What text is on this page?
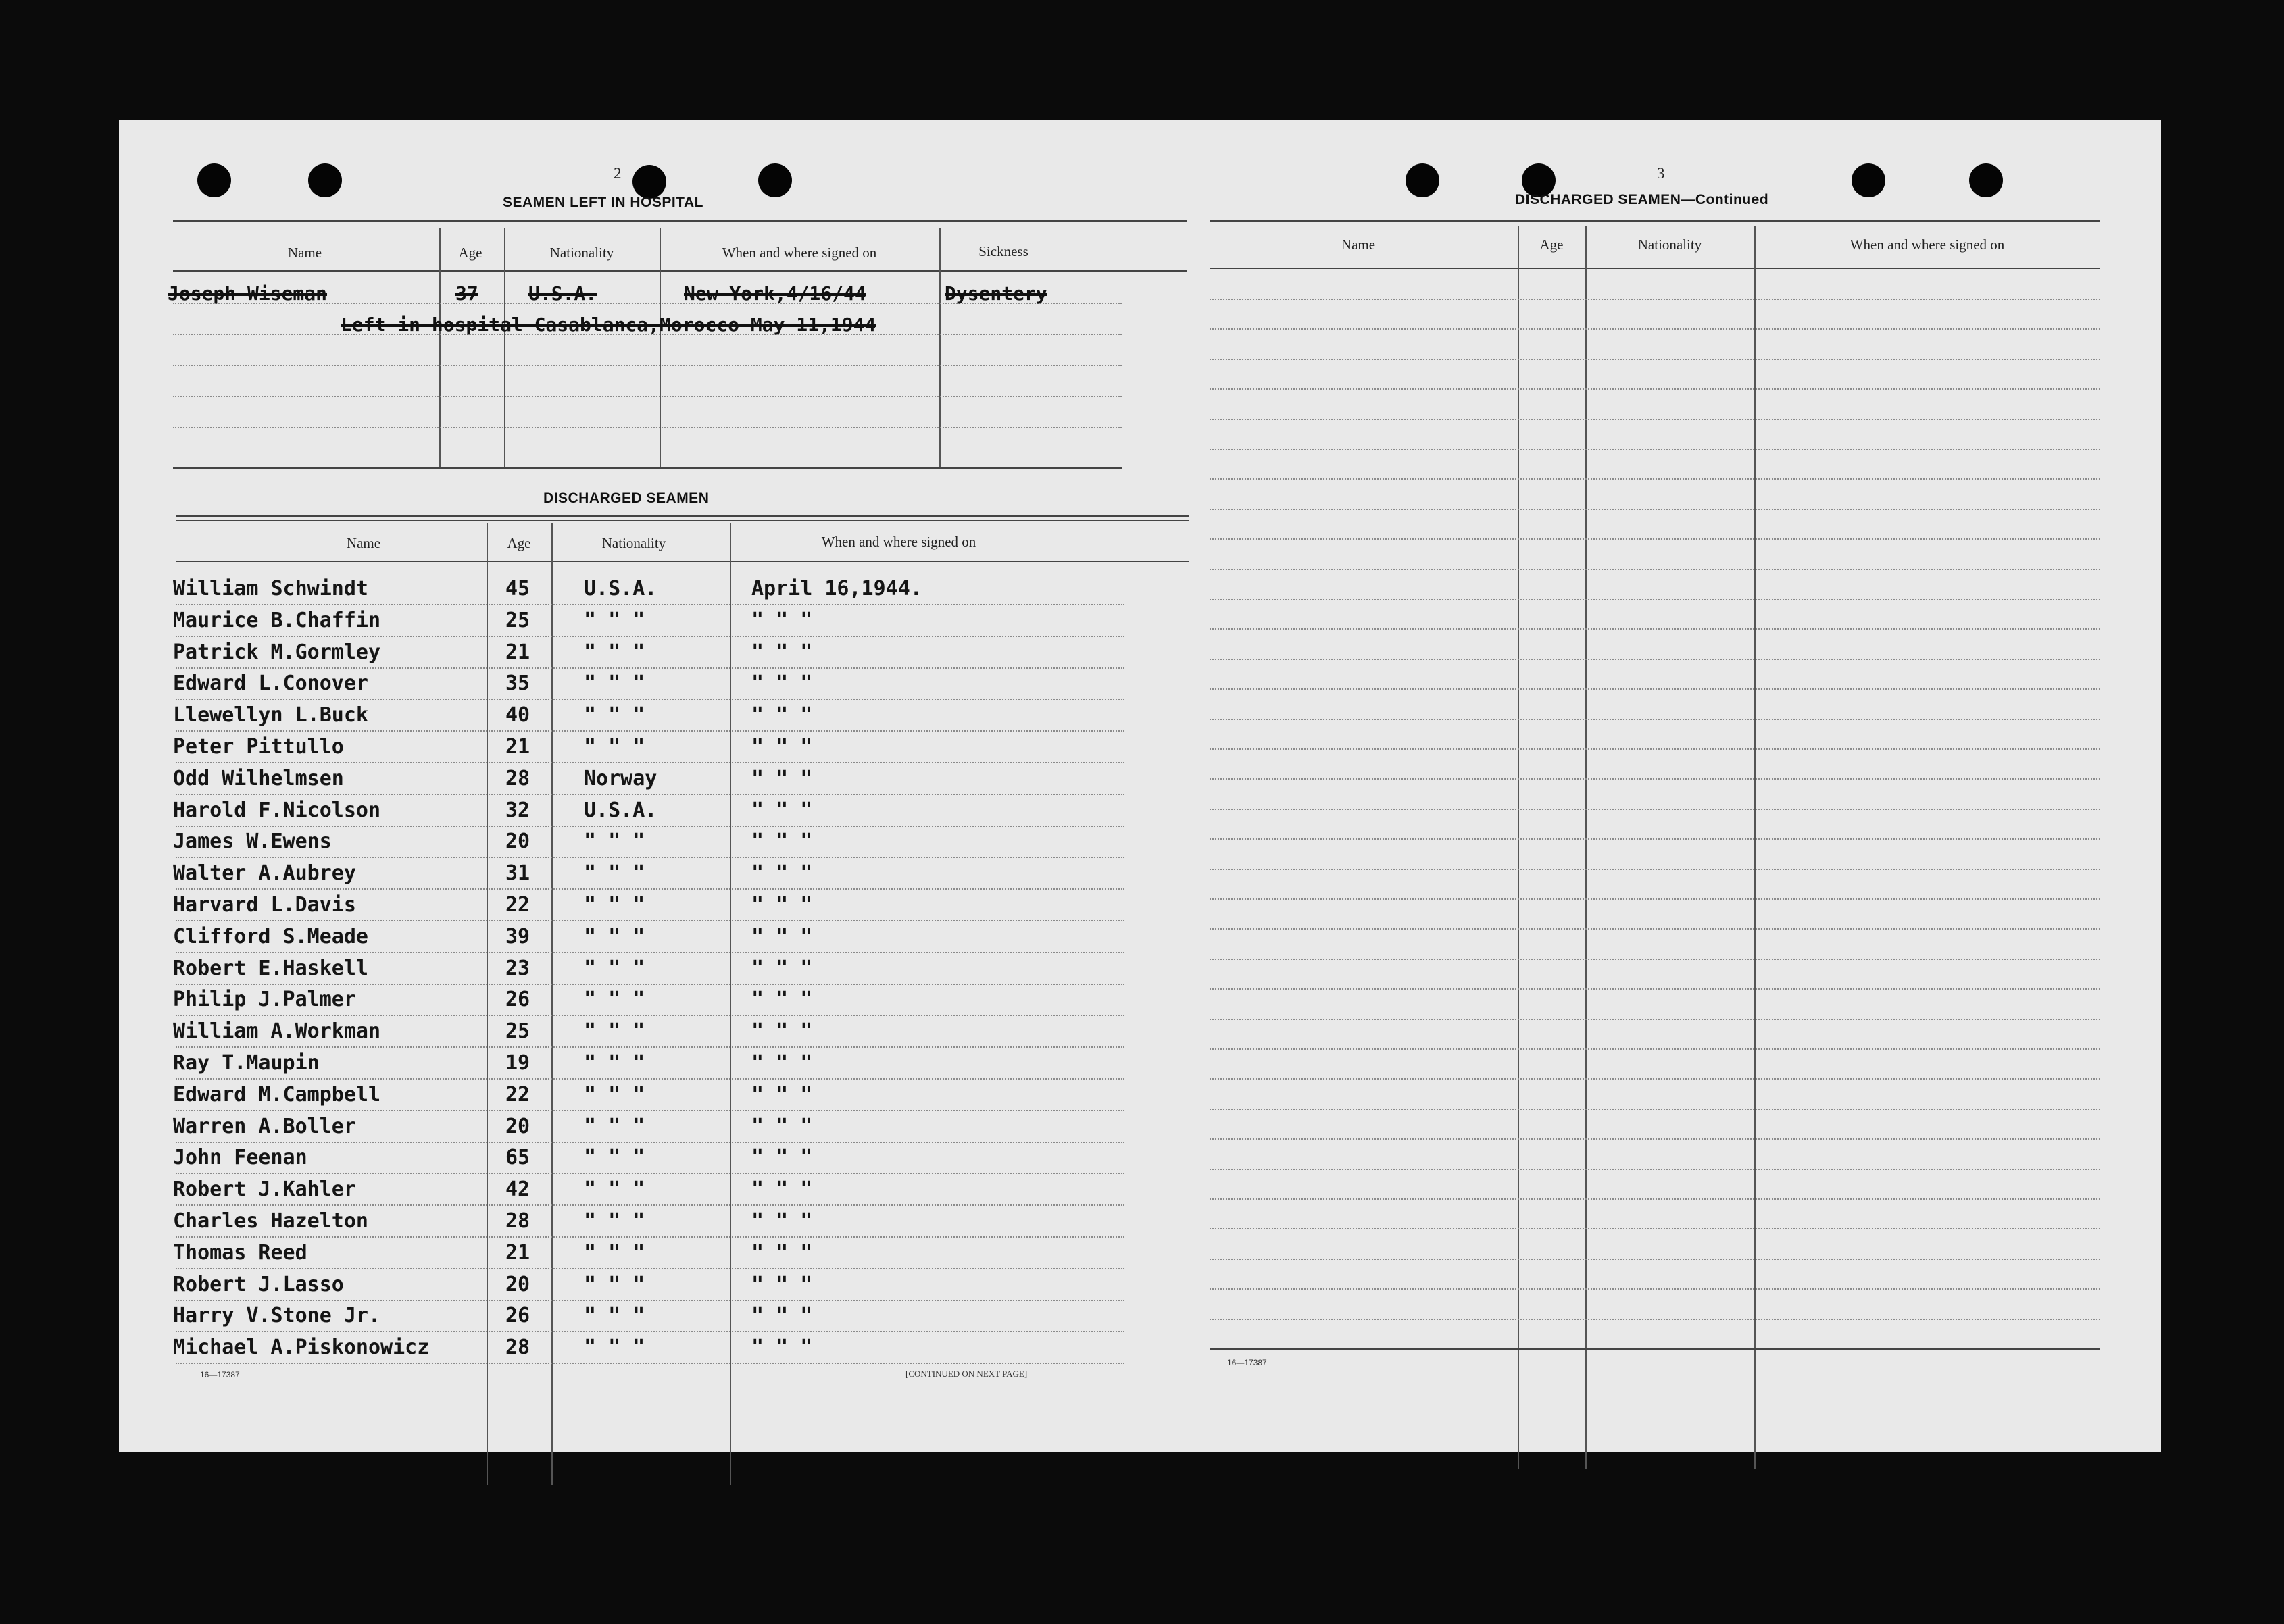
2
SEAMEN LEFT IN HOSPITAL
Name	Age	Nationality	When and where signed on	Sickness
Joseph Wiseman	37	U.S.A.	New York,4/16/44	Dysentery
Left in hospital Casablanca,Morocco May 11,1944
DISCHARGED SEAMEN
Name	Age	Nationality	When and where signed on
William Schwindt	45	U.S.A.	April 16,1944.
Maurice B.Chaffin	25	" " "	" " "
Patrick M.Gormley	21	" " "	" " "
Edward L.Conover	35	" " "	" " "
Llewellyn L.Buck	40	" " "	" " "
Peter Pittullo	21	" " "	" " "
Odd Wilhelmsen	28	Norway	" " "
Harold F.Nicolson	32	U.S.A.	" " "
James W.Ewens	20	" " "	" " "
Walter A.Aubrey	31	" " "	" " "
Harvard L.Davis	22	" " "	" " "
Clifford S.Meade	39	" " "	" " "
Robert E.Haskell	23	" " "	" " "
Philip J.Palmer	26	" " "	" " "
William A.Workman	25	" " "	" " "
Ray T.Maupin	19	" " "	" " "
Edward M.Campbell	22	" " "	" " "
Warren A.Boller	20	" " "	" " "
John Feenan	65	" " "	" " "
Robert J.Kahler	42	" " "	" " "
Charles Hazelton	28	" " "	" " "
Thomas Reed	21	" " "	" " "
Robert J.Lasso	20	" " "	" " "
Harry V.Stone Jr.	26	" " "	" " "
Michael A.Piskonowicz	28	" " "	" " "
16—17387	[CONTINUED ON NEXT PAGE]
3
DISCHARGED SEAMEN—Continued
Name	Age	Nationality	When and where signed on
16—17387
